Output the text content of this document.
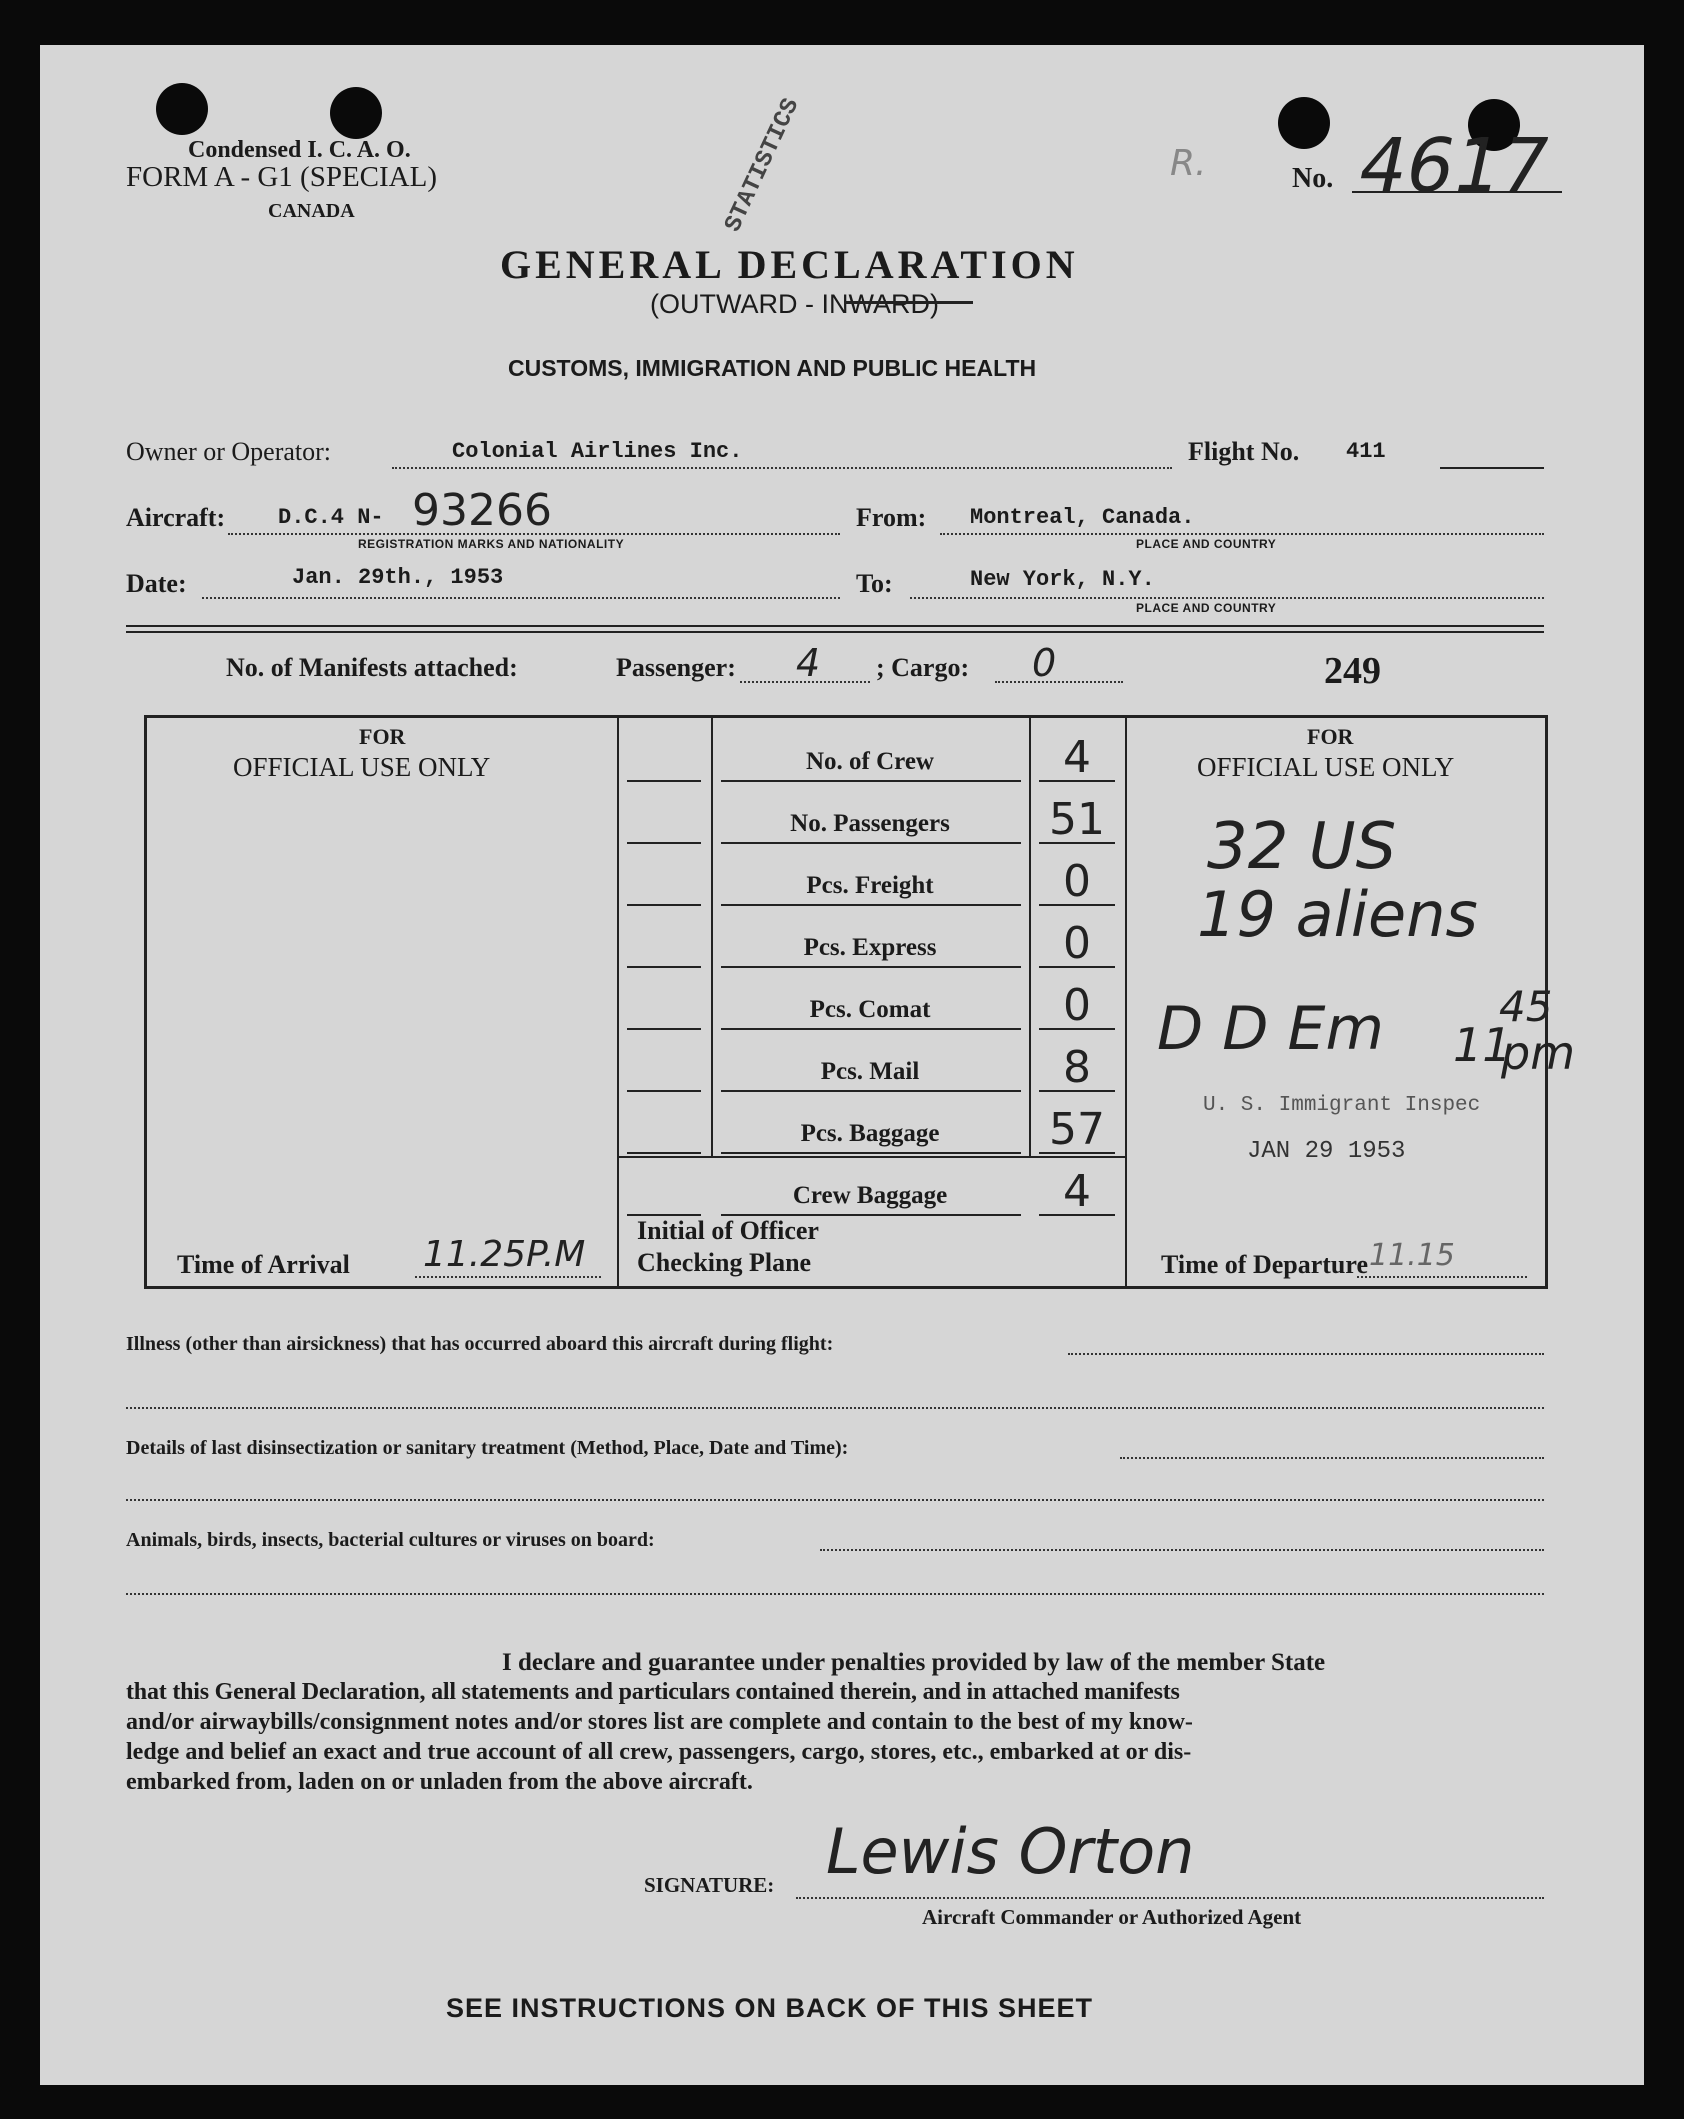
Condensed I. C. A. O.
FORM A - G1 (SPECIAL)
CANADA	STATISTICS	R.	No. 4617
GENERAL DECLARATION
(OUTWARD - INWARD)
CUSTOMS, IMMIGRATION AND PUBLIC HEALTH
Owner or Operator:	Colonial Airlines Inc.	Flight No. 411
Aircraft: D.C.4 N- 93266
REGISTRATION MARKS AND NATIONALITY
From: Montreal, Canada.
PLACE AND COUNTRY
Date:	Jan. 29th., 1953	To:	New York, N.Y.
PLACE AND COUNTRY
No. of Manifests attached:	Passenger: 4 ; Cargo: 0	249
FOR
OFFICIAL USE ONLY
FOR
OFFICIAL USE ONLY
No. of Crew	4
No. Passengers	51
Pcs. Freight	0
Pcs. Express	0
Pcs. Comat	0
Pcs. Mail	8
Pcs. Baggage	57
Crew Baggage	4
Time of Arrival 11.25P.M
Initial of Officer
Checking Plane	Time of Departure 11.15
32 US
19 aliens
D D Em 11
45
pm
U. S. Immigrant Inspec
JAN 29 1953
Illness (other than airsickness) that has occurred aboard this aircraft during flight:
Details of last disinsectization or sanitary treatment (Method, Place, Date and Time):
Animals, birds, insects, bacterial cultures or viruses on board:
I declare and guarantee under penalties provided by law of the member State
that this General Declaration, all statements and particulars contained therein, and in attached manifests
and/or airwaybills/consignment notes and/or stores list are complete and contain to the best of my know-
ledge and belief an exact and true account of all crew, passengers, cargo, stores, etc., embarked at or dis-
embarked from, laden on or unladen from the above aircraft.
SIGNATURE: Lewis Orton
Aircraft Commander or Authorized Agent
SEE INSTRUCTIONS ON BACK OF THIS SHEET
